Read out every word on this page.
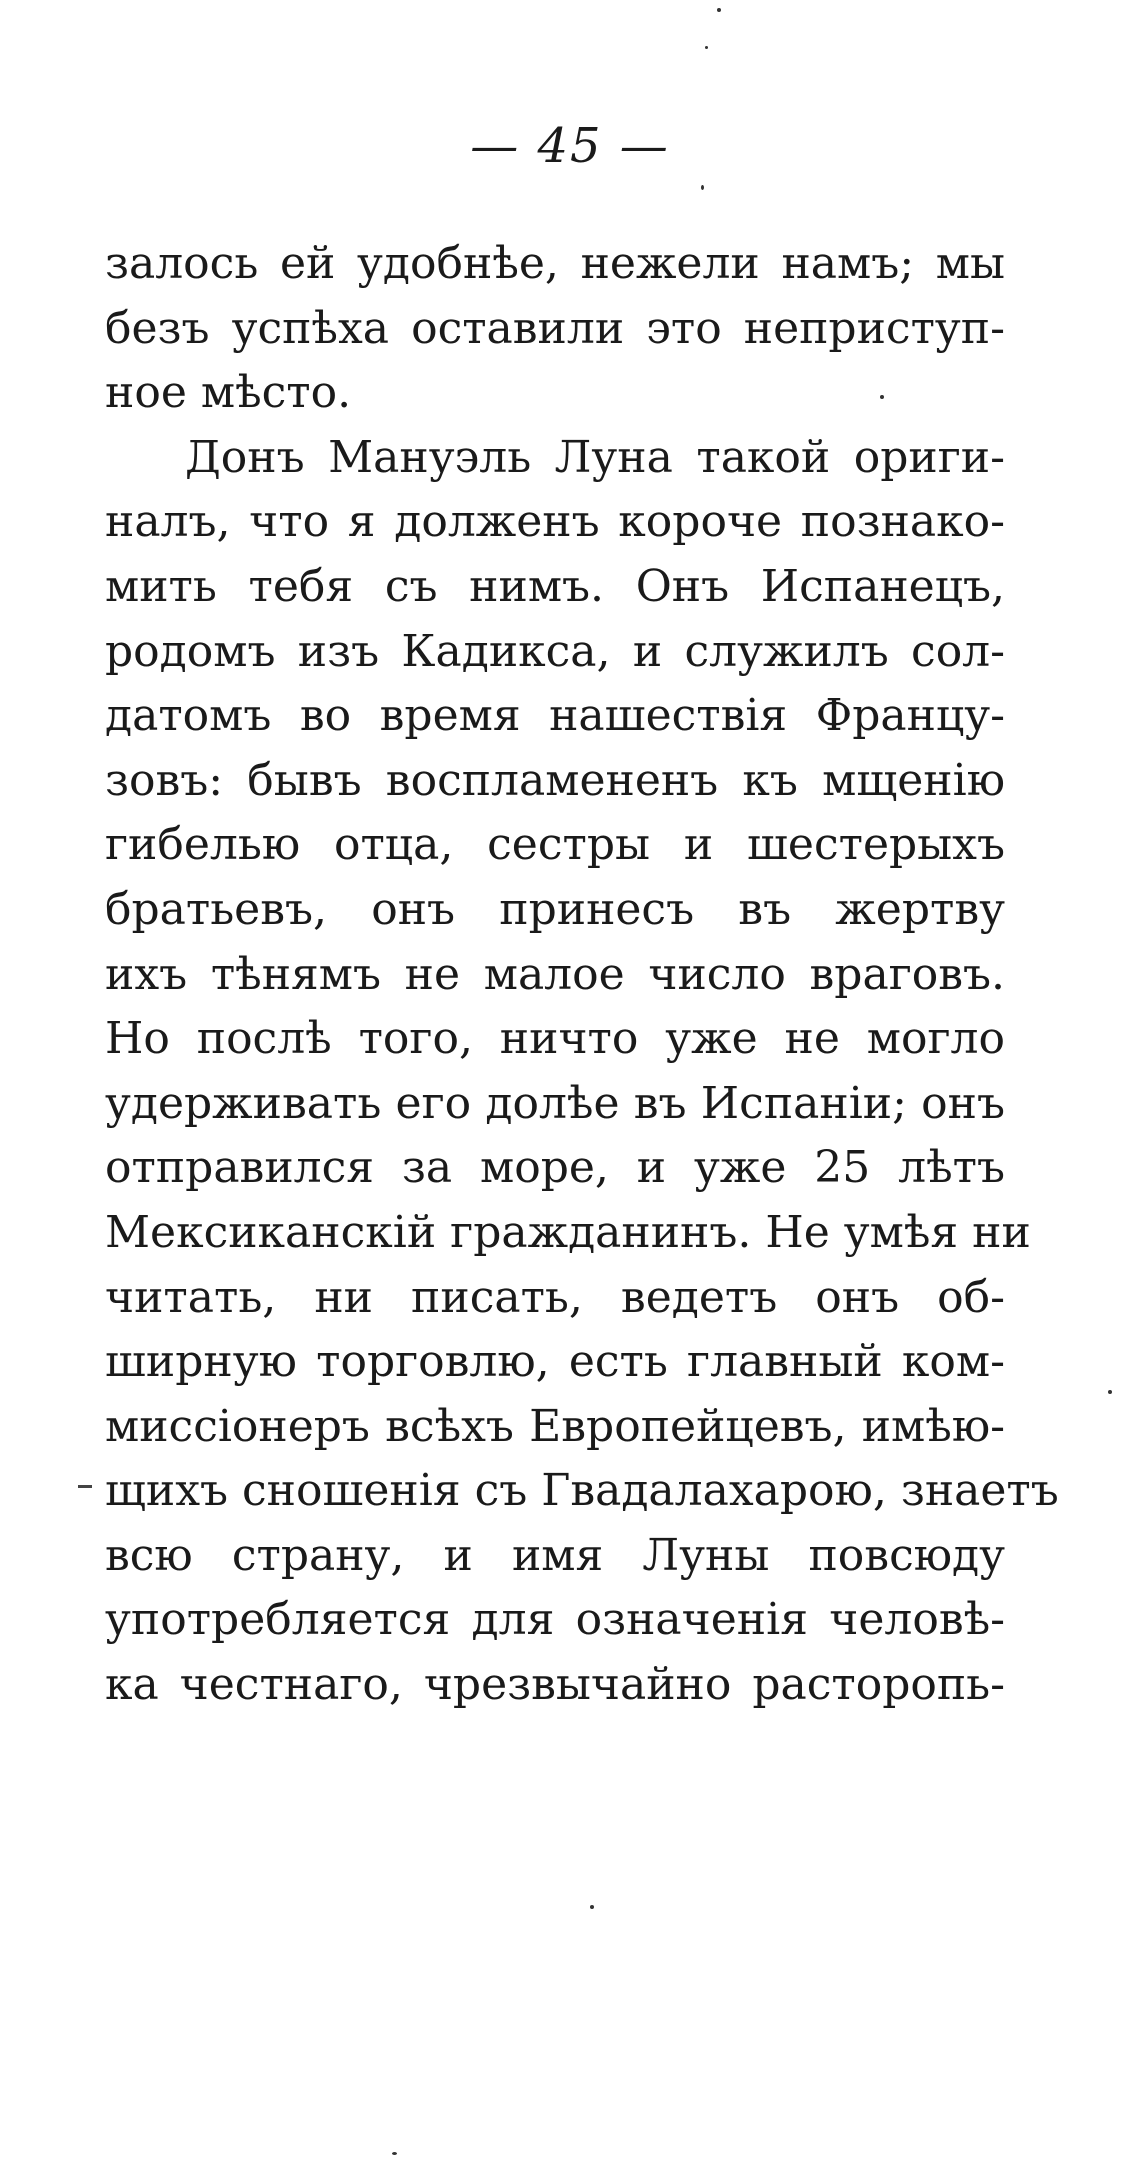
— 45 —
залось ей удобнѣе, нежели намъ; мы
безъ успѣха оставили это неприступ-
ное мѣсто.
Донъ Мануэль Луна такой ориги-
налъ, что я долженъ короче познако-
мить тебя съ нимъ. Онъ Испанецъ,
родомъ изъ Кадикса, и служилъ сол-
датомъ во время нашествія Францу-
зовъ: бывъ воспламененъ къ мщенію
гибелью отца, сестры и шестерыхъ
братьевъ, онъ принесъ въ жертву
ихъ тѣнямъ не малое число враговъ.
Но послѣ того, ничто уже не могло
удерживать его долѣе въ Испаніи; онъ
отправился за море, и уже 25 лѣтъ
Мексиканскій гражданинъ. Не умѣя ни
читать, ни писать, ведетъ онъ об-
ширную торговлю, есть главный ком-
миссіонеръ всѣхъ Европейцевъ, имѣю-
щихъ сношенія съ Гвадалахарою, знаетъ
всю страну, и имя Луны повсюду
употребляется для означенія человѣ-
ка честнаго, чрезвычайно расторопь-
